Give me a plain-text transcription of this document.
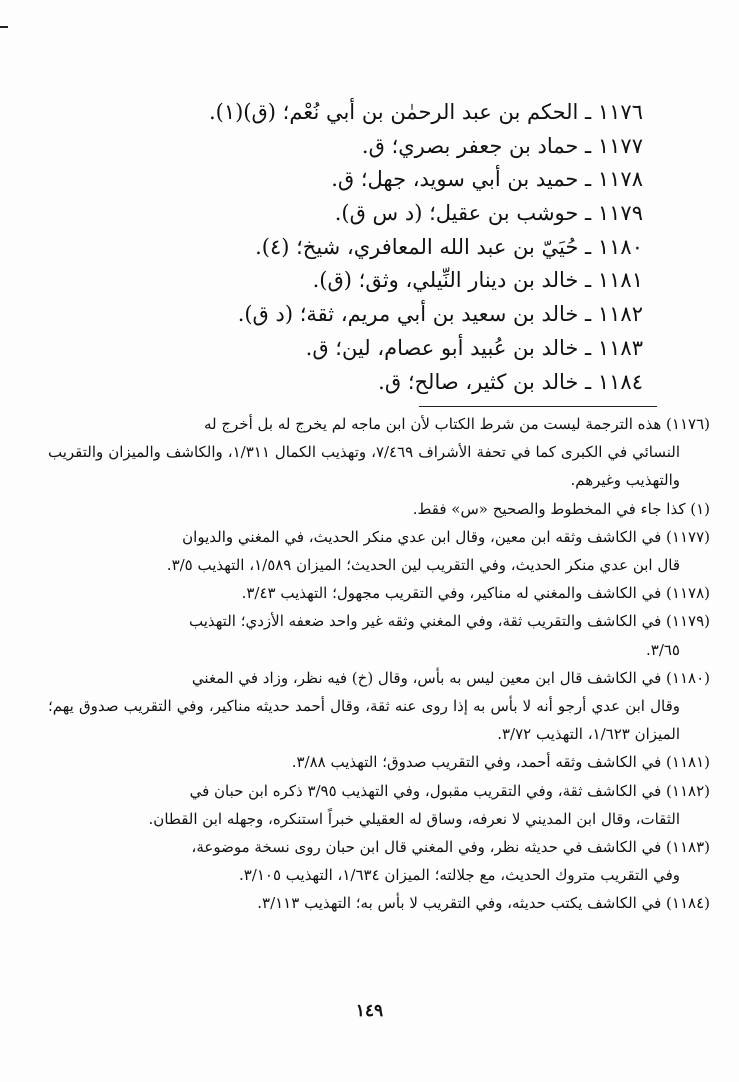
١١٧٦ ـ الحكم بن عبد الرحمٰن بن أبي نُعْم؛ (ق)(١).
١١٧٧ ـ حماد بن جعفر بصري؛ ق.
١١٧٨ ـ حميد بن أبي سويد، جهل؛ ق.
١١٧٩ ـ حوشب بن عقيل؛ (د س ق).
١١٨٠ ـ حُيَيّ بن عبد الله المعافري، شيخ؛ (٤).
١١٨١ ـ خالد بن دينار النِّيلي، وثق؛ (ق).
١١٨٢ ـ خالد بن سعيد بن أبي مريم، ثقة؛ (د ق).
١١٨٣ ـ خالد بن عُبيد أبو عصام، لين؛ ق.
١١٨٤ ـ خالد بن كثير، صالح؛ ق.
(١١٧٦) هذه الترجمة ليست من شرط الكتاب لأن ابن ماجه لم يخرج له بل أخرج له
النسائي في الكبرى كما في تحفة الأشراف ٧/٤٦٩، وتهذيب الكمال ١/٣١١، والكاشف والميزان والتقريب والتهذيب وغيرهم.
(١) كذا جاء في المخطوط والصحيح «س» فقط.
(١١٧٧) في الكاشف وثقه ابن معين، وقال ابن عدي منكر الحديث، في المغني والديوان
قال ابن عدي منكر الحديث، وفي التقريب لين الحديث؛ الميزان ١/٥٨٩، التهذيب ٣/٥.
(١١٧٨) في الكاشف والمغني له مناكير، وفي التقريب مجهول؛ التهذيب ٣/٤٣.
(١١٧٩) في الكاشف والتقريب ثقة، وفي المغني وثقه غير واحد ضعفه الأزدي؛ التهذيب
٣/٦٥.
(١١٨٠) في الكاشف قال ابن معين ليس به بأس، وقال (خ) فيه نظر، وزاد في المغني
وقال ابن عدي أرجو أنه لا بأس به إذا روى عنه ثقة، وقال أحمد حديثه مناكير، وفي التقريب صدوق يهم؛ الميزان ١/٦٢٣، التهذيب ٣/٧٢.
(١١٨١) في الكاشف وثقه أحمد، وفي التقريب صدوق؛ التهذيب ٣/٨٨.
(١١٨٢) في الكاشف ثقة، وفي التقريب مقبول، وفي التهذيب ٣/٩٥ ذكره ابن حبان في
الثقات، وقال ابن المديني لا نعرفه، وساق له العقيلي خبراً استنكره، وجهله ابن القطان.
(١١٨٣) في الكاشف في حديثه نظر، وفي المغني قال ابن حبان روى نسخة موضوعة،
وفي التقريب متروك الحديث، مع جلالته؛ الميزان ١/٦٣٤، التهذيب ٣/١٠٥.
(١١٨٤) في الكاشف يكتب حديثه، وفي التقريب لا بأس به؛ التهذيب ٣/١١٣.
١٤٩
